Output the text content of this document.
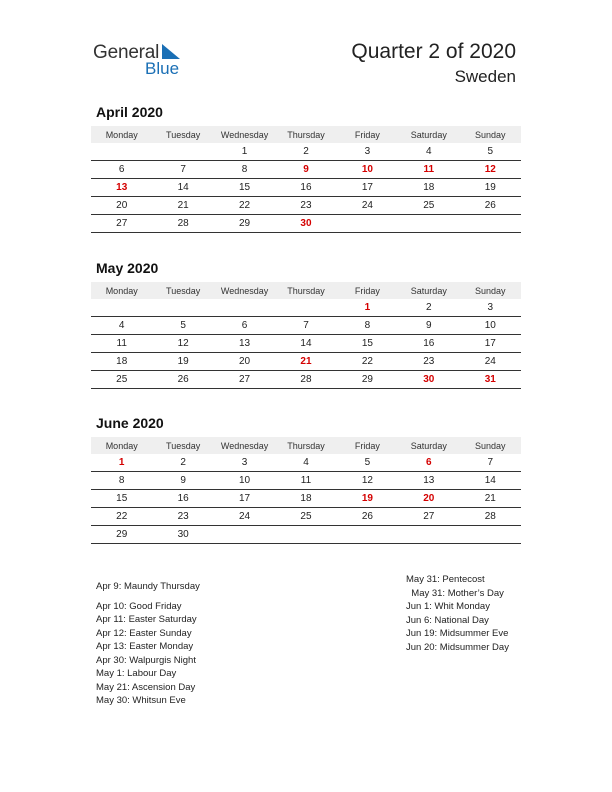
General
Blue
Quarter 2 of 2020
Sweden
April 2020
Monday	Tuesday	Wednesday	Thursday	Friday	Saturday	Sunday
		1	2	3	4	5
6	7	8	9	10	11	12
13	14	15	16	17	18	19
20	21	22	23	24	25	26
27	28	29	30			
May 2020
Monday	Tuesday	Wednesday	Thursday	Friday	Saturday	Sunday
				1	2	3
4	5	6	7	8	9	10
11	12	13	14	15	16	17
18	19	20	21	22	23	24
25	26	27	28	29	30	31
June 2020
Monday	Tuesday	Wednesday	Thursday	Friday	Saturday	Sunday
1	2	3	4	5	6	7
8	9	10	11	12	13	14
15	16	17	18	19	20	21
22	23	24	25	26	27	28
29	30					
Apr 9: Maundy Thursday
Apr 10: Good Friday
Apr 11: Easter Saturday
Apr 12: Easter Sunday
Apr 13: Easter Monday
Apr 30: Walpurgis Night
May 1: Labour Day
May 21: Ascension Day
May 30: Whitsun Eve
May 31: Pentecost
May 31: Mother’s Day
Jun 1: Whit Monday
Jun 6: National Day
Jun 19: Midsummer Eve
Jun 20: Midsummer Day
